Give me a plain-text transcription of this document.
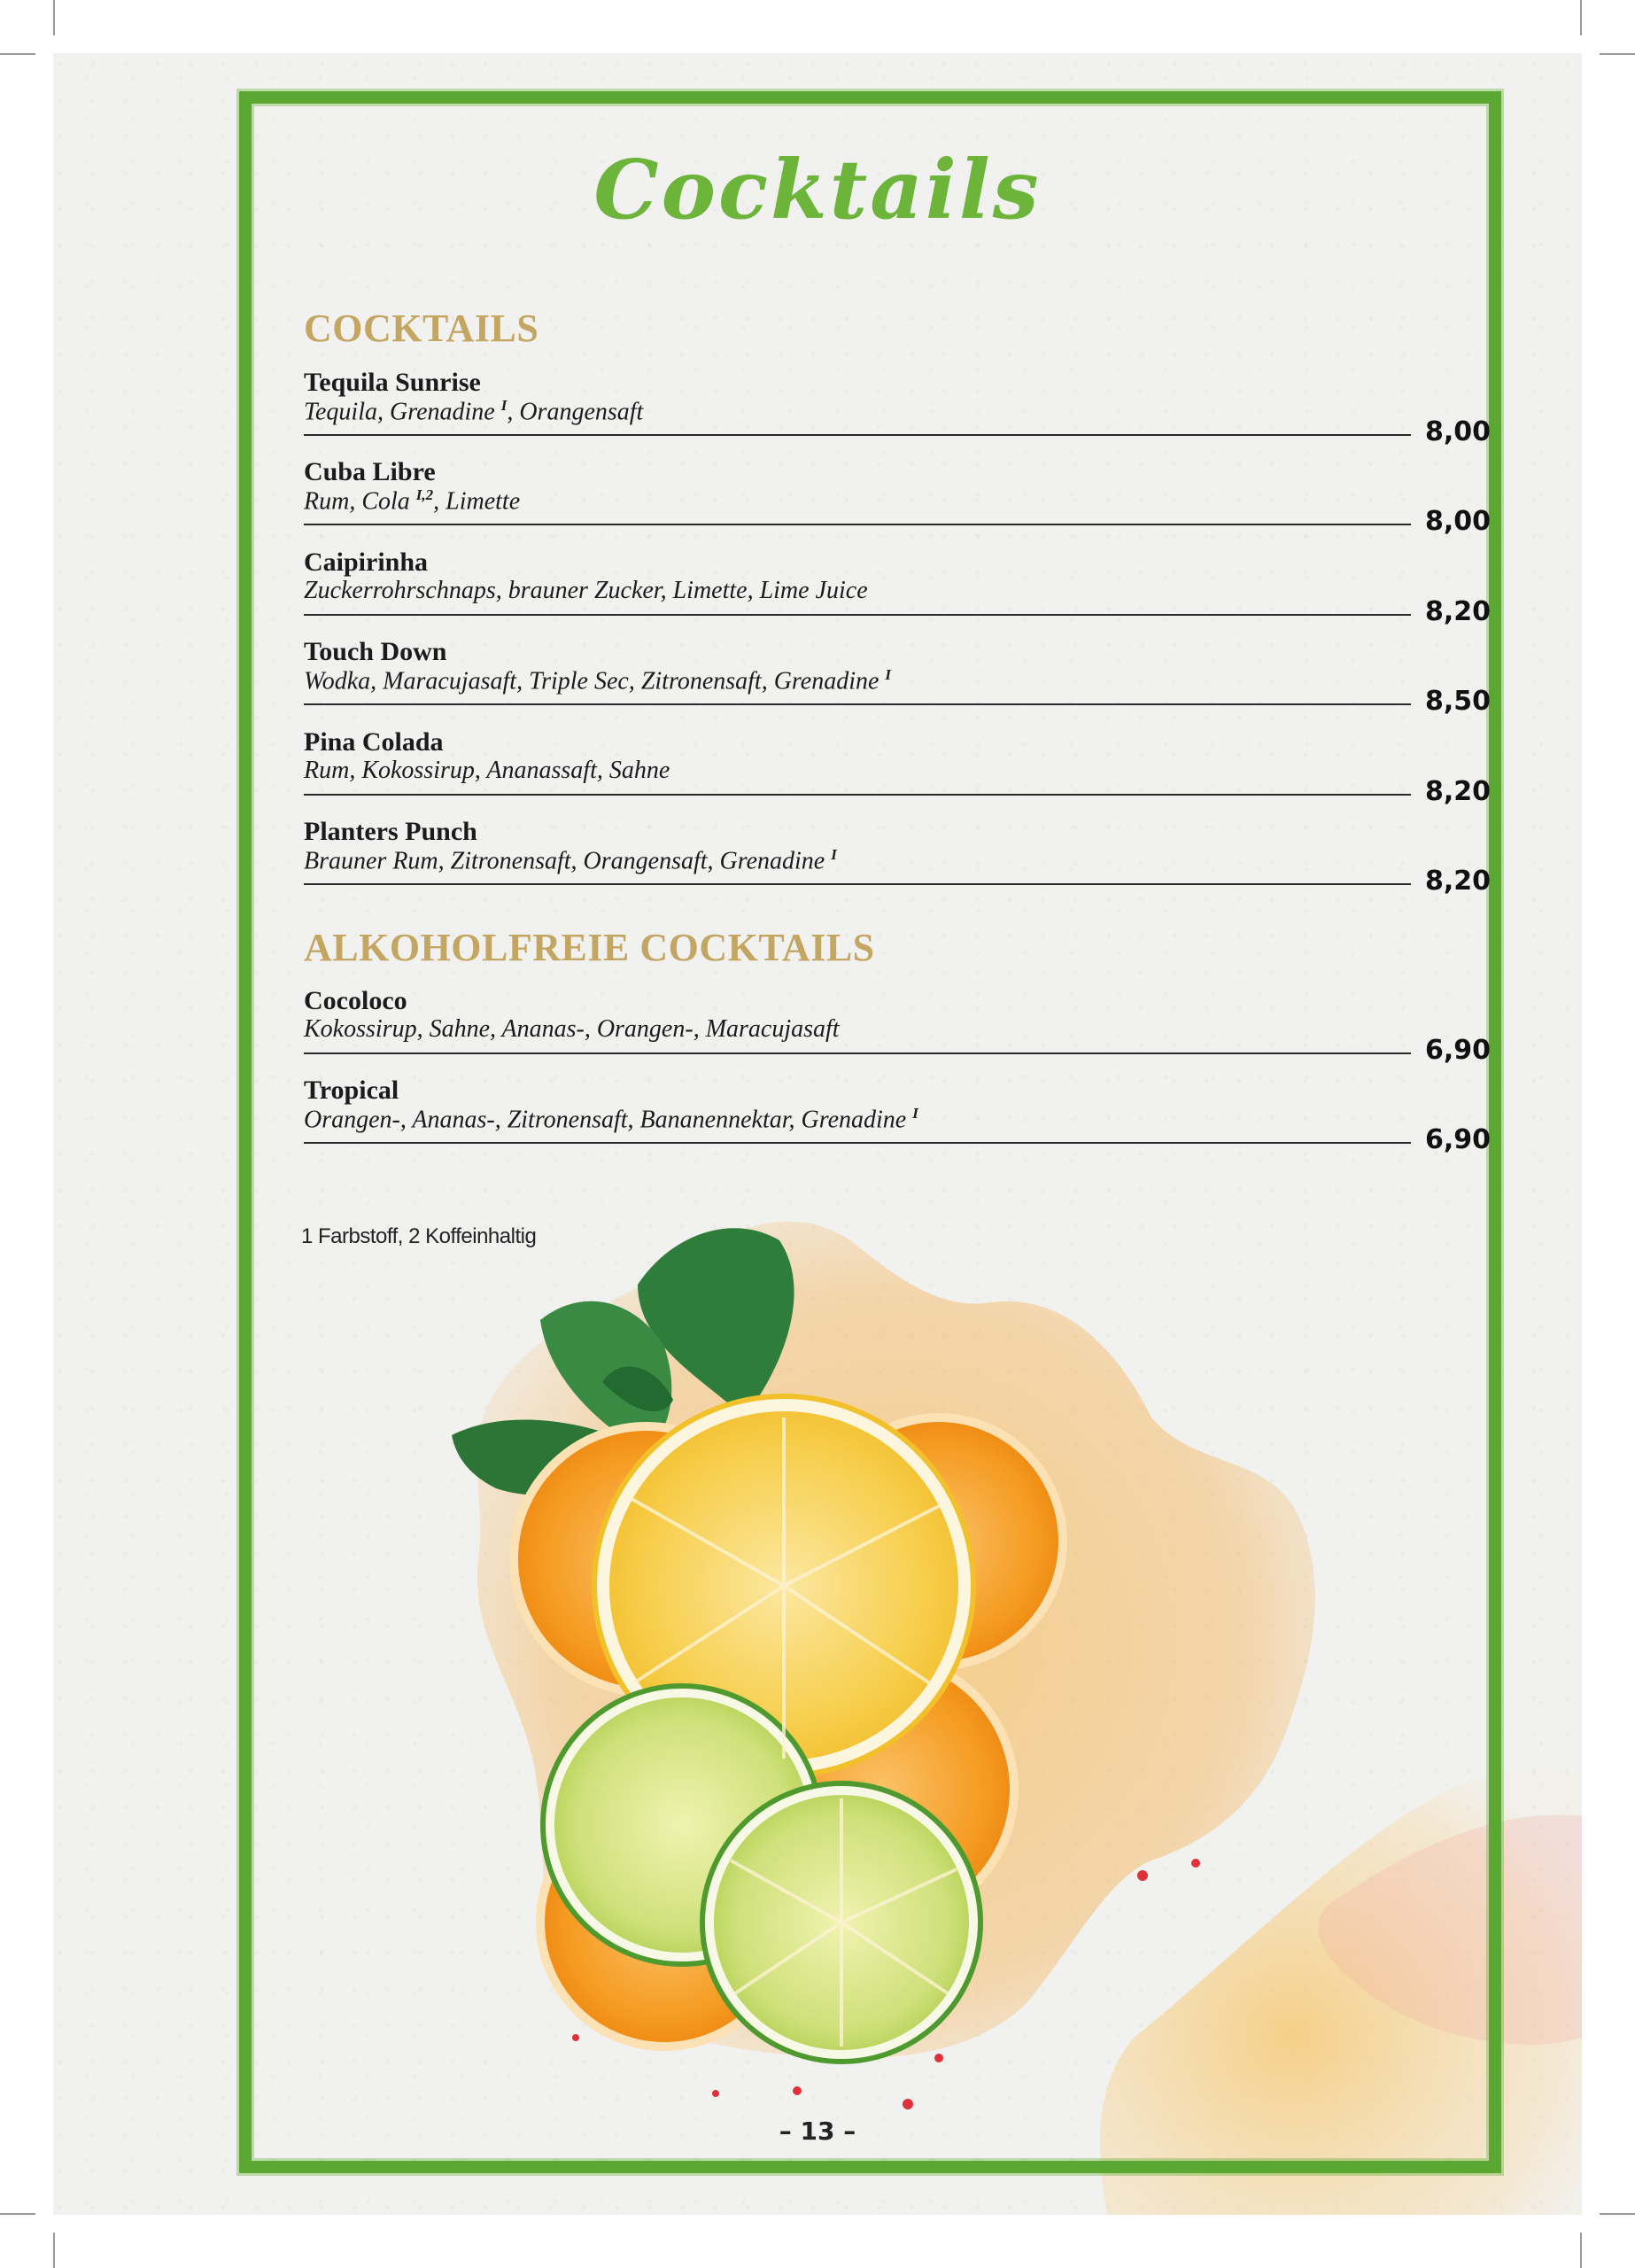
Cocktails
COCKTAILS
Tequila Sunrise
Tequila, Grenadine $^I$, Orangensaft
8,00
Cuba Libre
Rum, Cola $^{I,2}$, Limette
8,00
Caipirinha
Zuckerrohrschnaps, brauner Zucker, Limette, Lime Juice
8,20
Touch Down
Wodka, Maracujasaft, Triple Sec, Zitronensaft, Grenadine $^I$
8,50
Pina Colada
Rum, Kokossirup, Ananassaft, Sahne
8,20
Planters Punch
Brauner Rum, Zitronensaft, Orangensaft, Grenadine $^I$
8,20
ALKOHOLFREIE COCKTAILS
Cocoloco
Kokossirup, Sahne, Ananas-, Orangen-, Maracujasaft
6,90
Tropical
Orangen-, Ananas-, Zitronensaft, Bananennektar, Grenadine $^I$
6,90
1 Farbstoff, 2 Koffeinhaltig
– 13 –
